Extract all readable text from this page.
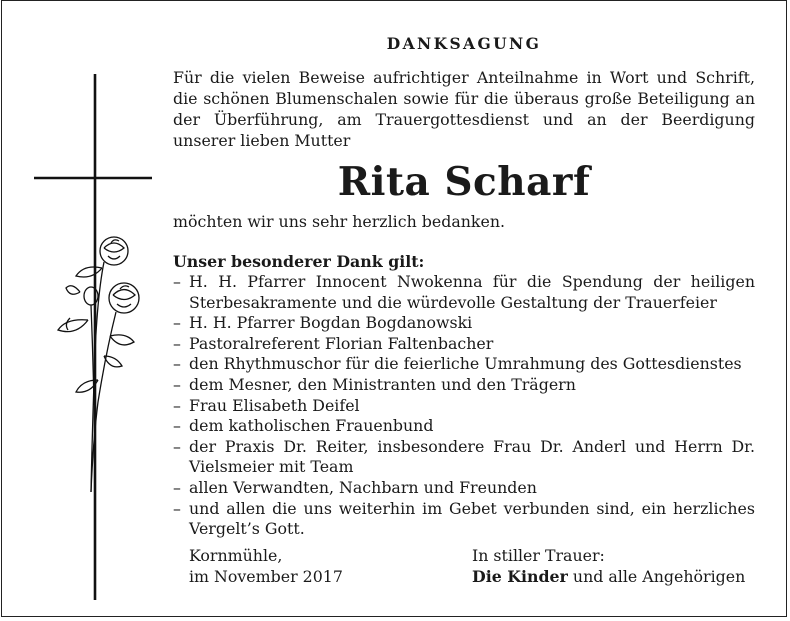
DANKSAGUNG
Für die vielen Beweise aufrichtiger Anteilnahme in Wort und Schrift, die schönen Blumenschalen sowie für die überaus große Beteiligung an der Überführung, am Trauergottesdienst und an der Beerdigung unserer lieben Mutter
Rita Scharf
möchten wir uns sehr herzlich bedanken.
Unser besonderer Dank gilt:
– H. H. Pfarrer Innocent Nwokenna für die Spendung der heiligen Sterbesakramente und die würdevolle Gestaltung der Trauerfeier
– H. H. Pfarrer Bogdan Bogdanowski
– Pastoralreferent Florian Faltenbacher
– den Rhythmuschor für die feierliche Umrahmung des Gottesdienstes
– dem Mesner, den Ministranten und den Trägern
– Frau Elisabeth Deifel
– dem katholischen Frauenbund
– der Praxis Dr. Reiter, insbesondere Frau Dr. Anderl und Herrn Dr. Vielsmeier mit Team
– allen Verwandten, Nachbarn und Freunden
– und allen die uns weiterhin im Gebet verbunden sind, ein herzliches Vergelt’s Gott.
Kornmühle,
im November 2017
In stiller Trauer:
Die Kinder und alle Angehörigen
